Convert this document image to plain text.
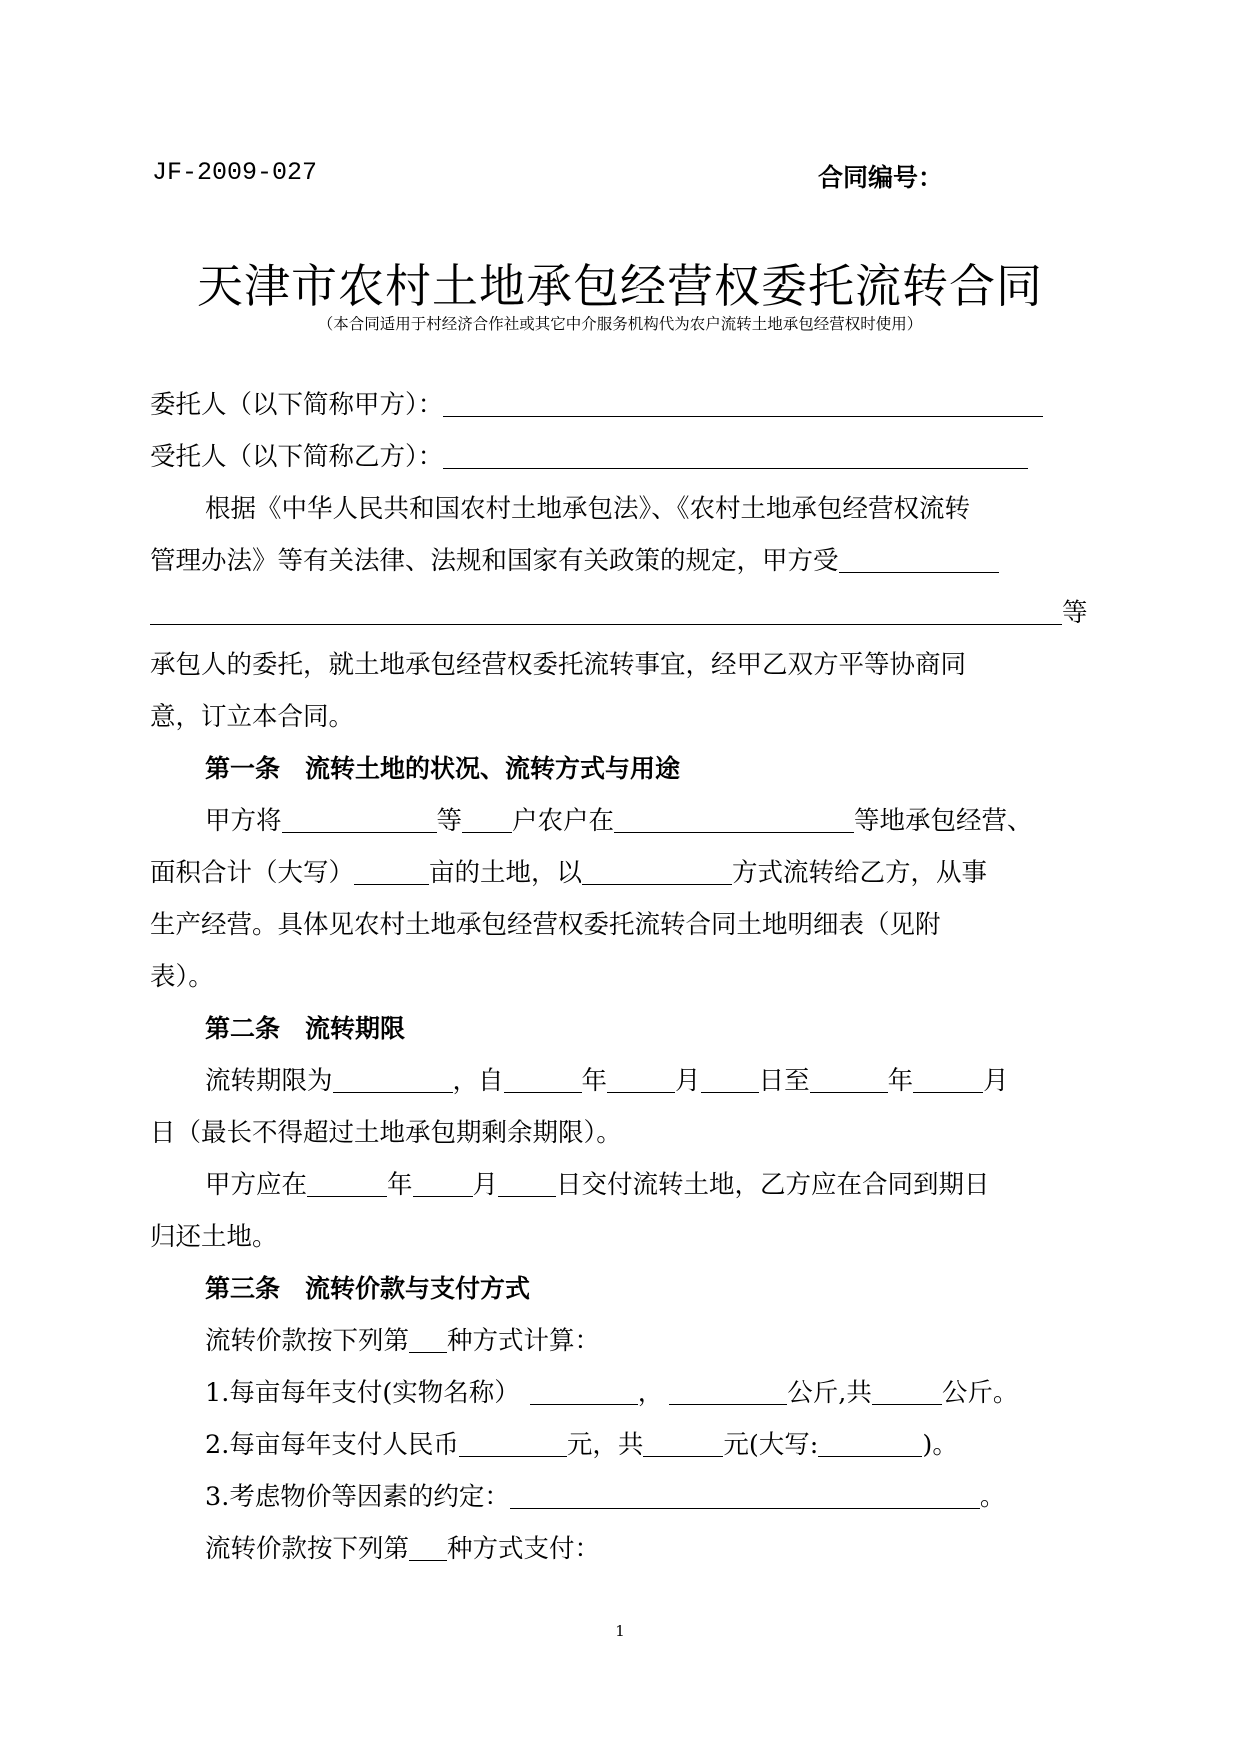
JF-2009-027	合同编号：
天津市农村土地承包经营权委托流转合同
（本合同适用于村经济合作社或其它中介服务机构代为农户流转土地承包经营权时使用）
委托人（以下简称甲方）：
受托人（以下简称乙方）：
根据《中华人民共和国农村土地承包法》、《农村土地承包经营权流转
管理办法》等有关法律、法规和国家有关政策的规定，甲方受
等
承包人的委托，就土地承包经营权委托流转事宜，经甲乙双方平等协商同
意，订立本合同。
第一条　流转土地的状况、流转方式与用途
甲方将	等 户农户在	等地承包经营、
面积合计（大写）	亩的土地，以	方式流转给乙方，从事
生产经营。具体见农村土地承包经营权委托流转合同土地明细表（见附
表）。
第二条　流转期限
流转期限为	，自	年	月 日至	年	月
日（最长不得超过土地承包期剩余期限）。
甲方应在	年 月 日交付流转土地，乙方应在合同到期日
归还土地。
第三条　流转价款与支付方式
流转价款按下列第 种方式计算：
1.每亩每年支付(实物名称）	，	公斤,共	公斤。
2.每亩每年支付人民币	元，共	元(大写:	)。
3.考虑物价等因素的约定：	。
流转价款按下列第 种方式支付：
1
